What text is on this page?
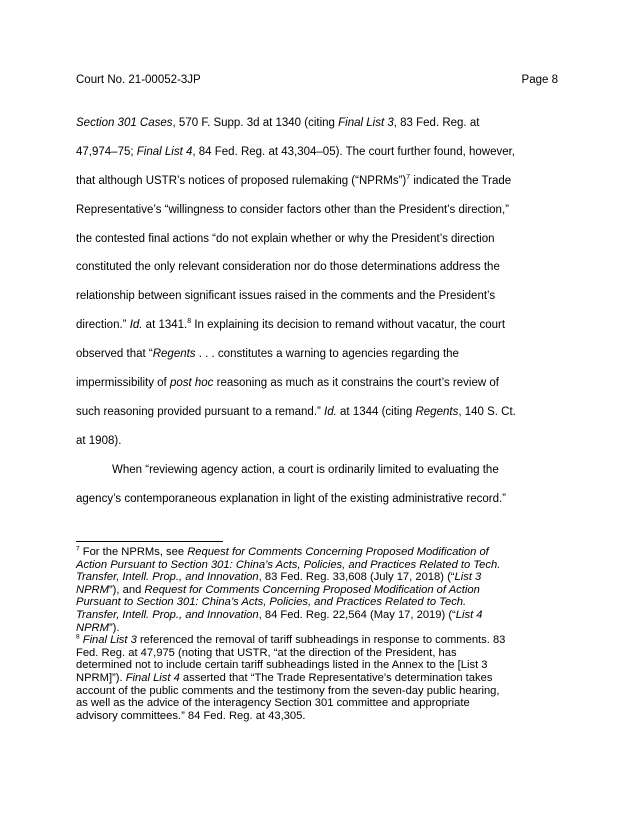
Court No. 21-00052-3JP	Page 8
Section 301 Cases, 570 F. Supp. 3d at 1340 (citing Final List 3, 83 Fed. Reg. at
47,974–75; Final List 4, 84 Fed. Reg. at 43,304–05). The court further found, however,
that although USTR’s notices of proposed rulemaking (“NPRMs”)$^7$ indicated the Trade
Representative’s “willingness to consider factors other than the President’s direction,”
the contested final actions “do not explain whether or why the President’s direction
constituted the only relevant consideration nor do those determinations address the
relationship between significant issues raised in the comments and the President’s
direction.” Id. at 1341.$^8$ In explaining its decision to remand without vacatur, the court
observed that “Regents . . . constitutes a warning to agencies regarding the
impermissibility of post hoc reasoning as much as it constrains the court’s review of
such reasoning provided pursuant to a remand.” Id. at 1344 (citing Regents, 140 S. Ct.
at 1908).
When “reviewing agency action, a court is ordinarily limited to evaluating the
agency’s contemporaneous explanation in light of the existing administrative record.”
$^7$ For the NPRMs, see Request for Comments Concerning Proposed Modification of
Action Pursuant to Section 301: China’s Acts, Policies, and Practices Related to Tech.
Transfer, Intell. Prop., and Innovation, 83 Fed. Reg. 33,608 (July 17, 2018) (“List 3
NPRM”), and Request for Comments Concerning Proposed Modification of Action
Pursuant to Section 301: China’s Acts, Policies, and Practices Related to Tech.
Transfer, Intell. Prop., and Innovation, 84 Fed. Reg. 22,564 (May 17, 2019) (“List 4
NPRM”).
$^8$ Final List 3 referenced the removal of tariff subheadings in response to comments. 83
Fed. Reg. at 47,975 (noting that USTR, “at the direction of the President, has
determined not to include certain tariff subheadings listed in the Annex to the [List 3
NPRM]”). Final List 4 asserted that “The Trade Representative’s determination takes
account of the public comments and the testimony from the seven-day public hearing,
as well as the advice of the interagency Section 301 committee and appropriate
advisory committees.” 84 Fed. Reg. at 43,305.
